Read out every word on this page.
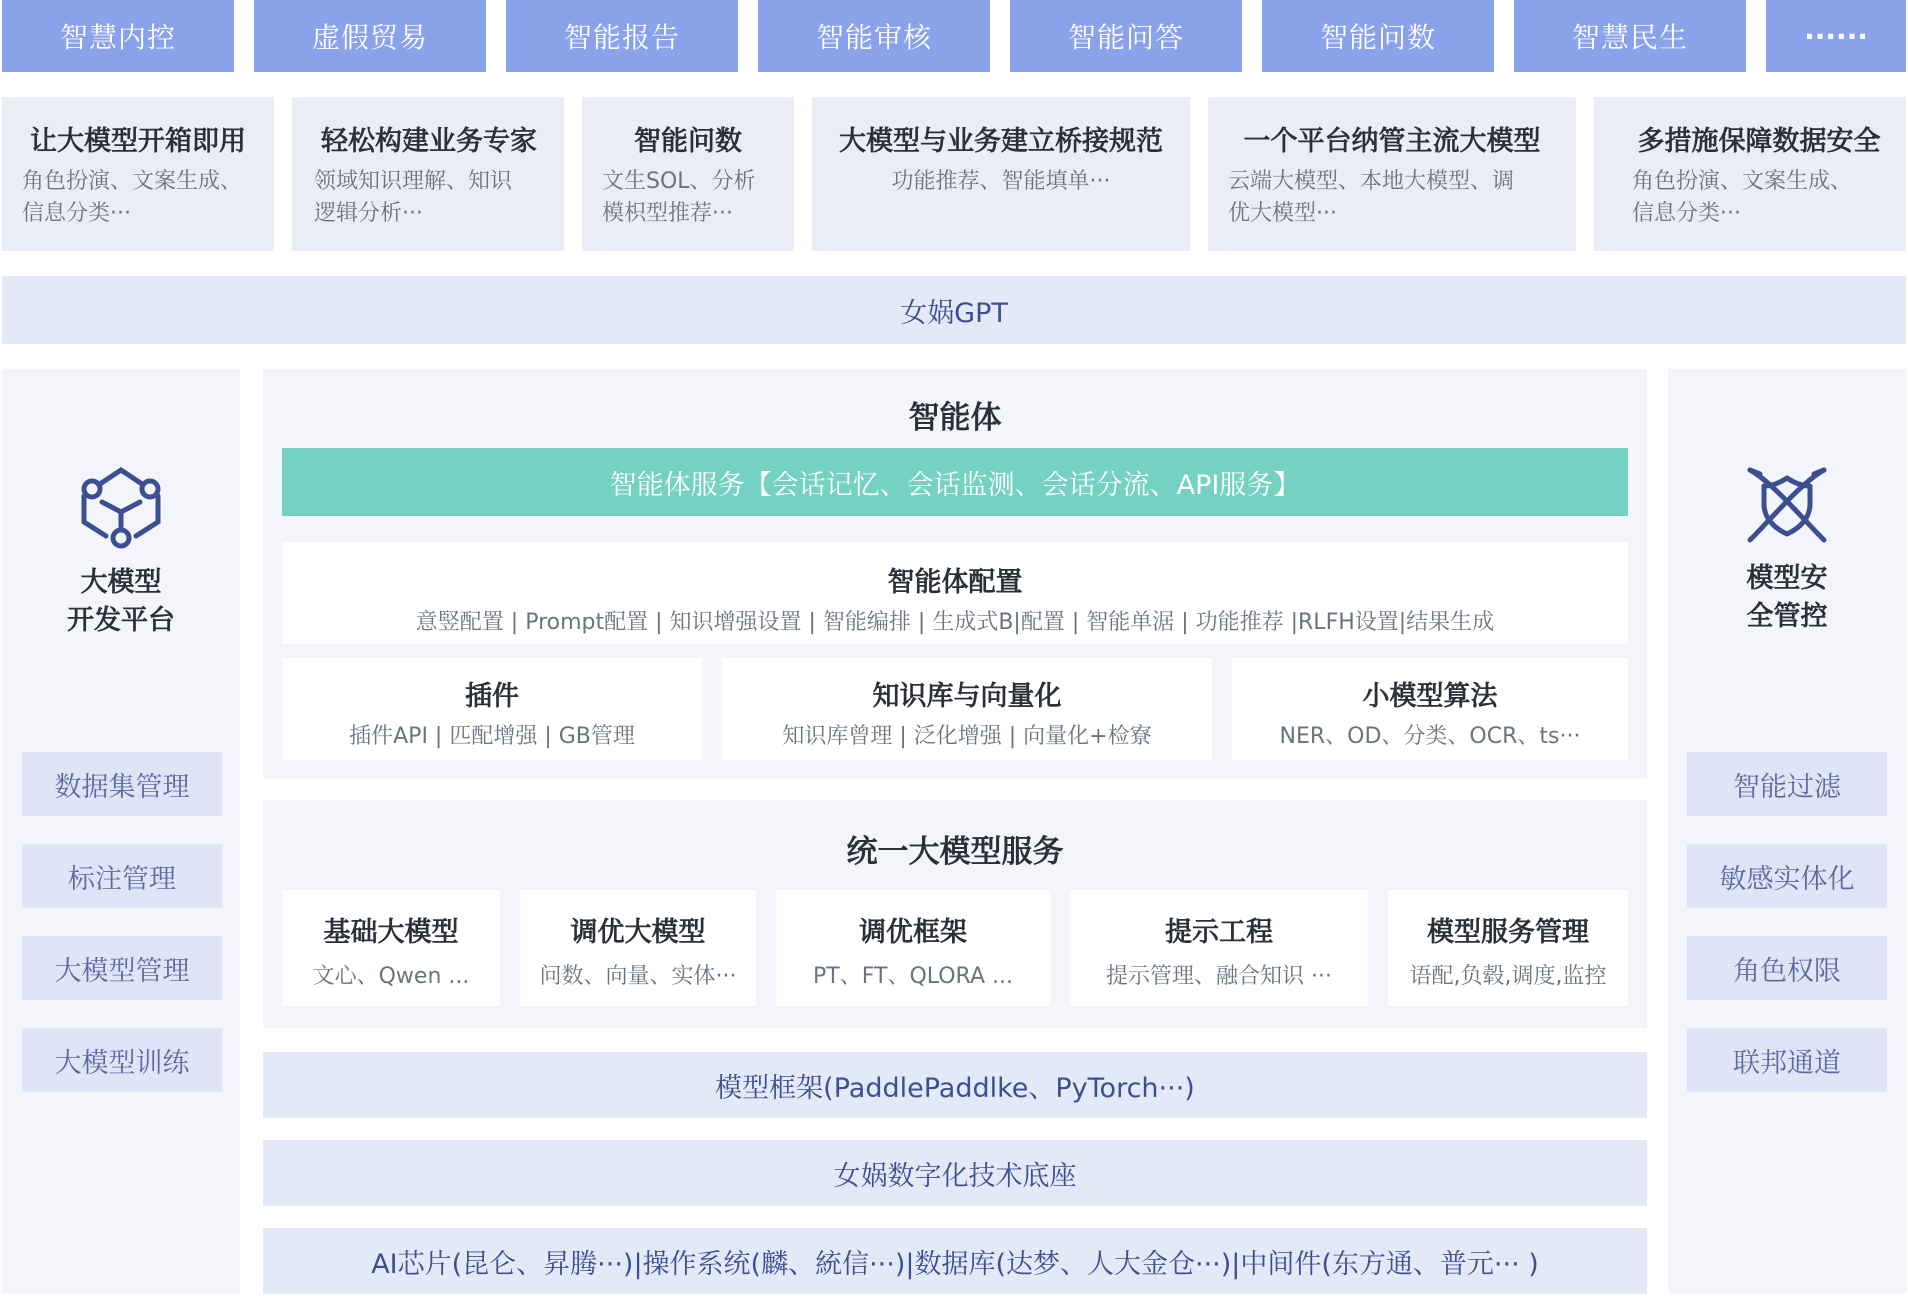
智慧内控	虚假贸易	智能报告	智能审核	智能问答	智能问数	智慧民生	······
让大模型开箱即用
角色扮演、文案生成、
信息分类···
轻松构建业务专家
领域知识理解、知识
逻辑分析···
智能问数
文生SOL、分析
模枳型推荐···
大模型与业务建立桥接规范
功能推荐、智能填单···

一个平台纳管主流大模型
云端大模型、本地大模型、调
优大模型···
多措施保障数据安全
角色扮演、文案生成、
信息分类···
女娲GPT
大模型
开发平台
数据集管理
标注管理
大模型管理
大模型训练
模型安
全管控
智能过滤
敏感实体化
角色权限
联邦通道
智能体
智能体服务【会话记忆、会话监测、会话分流、API服务】
智能体配置
意竪配置 | Prompt配置 | 知识增强设置 | 智能编排 | 生成式B|配置 | 智能单涺 | 功能推荐 |RLFH设置|结果生成
插件
插件API | 匹配增强 | GB管理
知识库与向量化
知识库曾理 | 泛化增强 | 向量化+检寮
小模型算法
NER、OD、分类、OCR、ts···
统一大模型服务
基础大模型
文心、Qwen ...
调优大模型
问数、向量、实体···
调优框架
PT、FT、QLORA ...
提示工程
提示管理、融合知识 ···
模型服务管理
语配,负毂,调度,监控
模型框架(PaddlePaddlke、PyTorch···)
女娲数字化技术底座
AI芯片(昆仑、昇腾···)|操作系统(麟、統信···)|数据库(达梦、人大金仓···)|中间件(东方通、普元··· )
